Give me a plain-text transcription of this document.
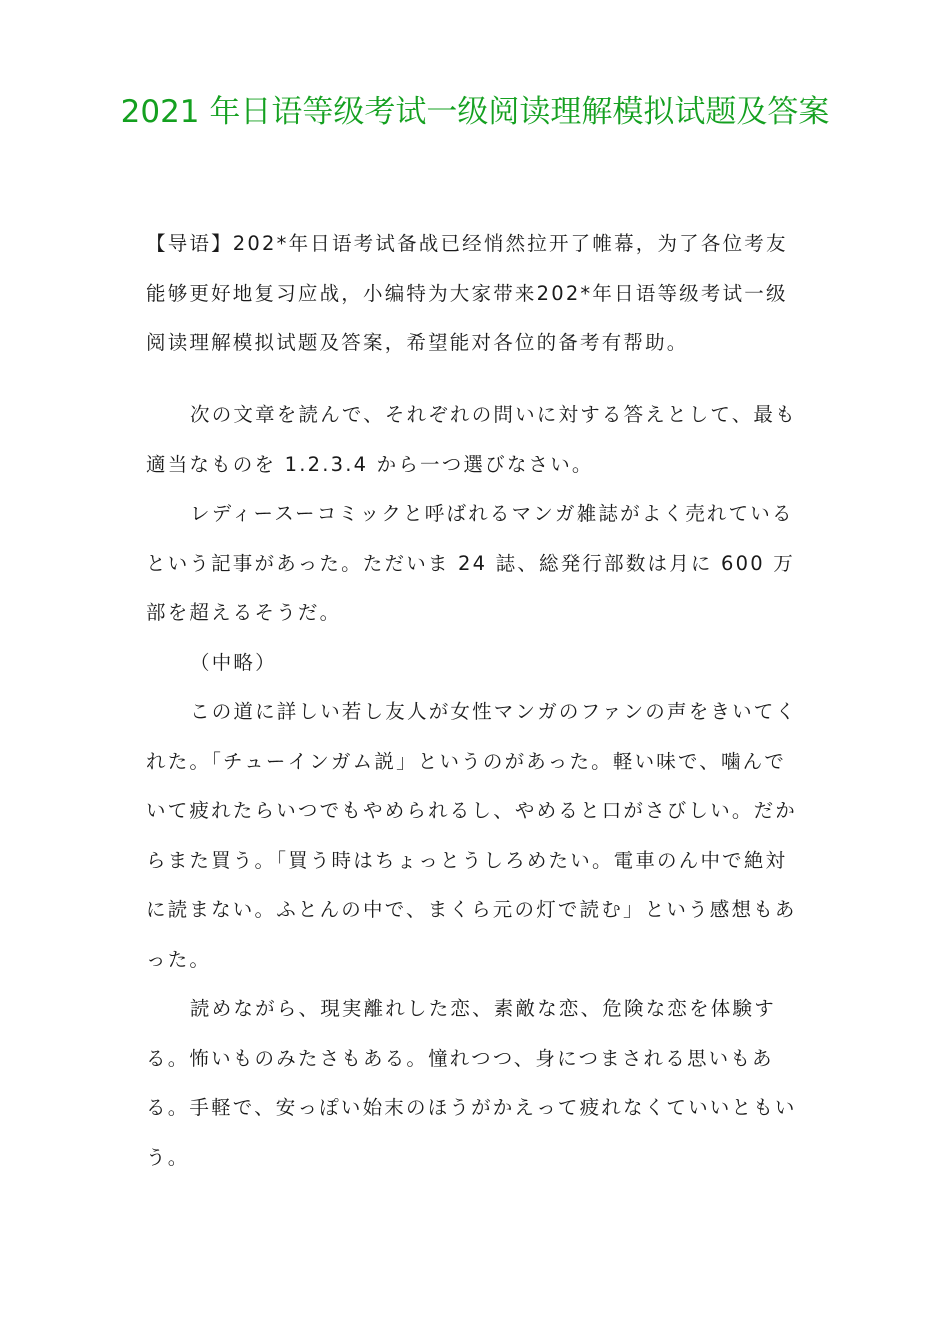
2021 年日语等级考试一级阅读理解模拟试题及答案

【导语】202*年日语考试备战已经悄然拉开了帷幕，为了各位考友能够更好地复习应战，小编特为大家带来202*年日语等级考试一级阅读理解模拟试题及答案，希望能对各位的备考有帮助。

次の文章を読んで、それぞれの問いに対する答えとして、最も適当なものを 1.2.3.4 から一つ選びなさい。

レディースーコミックと呼ばれるマンガ雑誌がよく売れているという記事があった。ただいま 24 誌、総発行部数は月に 600 万部を超えるそうだ。

（中略）

この道に詳しい若し友人が女性マンガのファンの声をきいてくれた。「チューインガム説」というのがあった。軽い味で、噛んでいて疲れたらいつでもやめられるし、やめると口がさびしい。だからまた買う。「買う時はちょっとうしろめたい。電車のん中で絶対に読まない。ふとんの中で、まくら元の灯で読む」という感想もあった。

読めながら、現実離れした恋、素敵な恋、危険な恋を体験する。怖いものみたさもある。憧れつつ、身につまされる思いもある。手軽で、安っぽい始末のほうがかえって疲れなくていいともいう。
